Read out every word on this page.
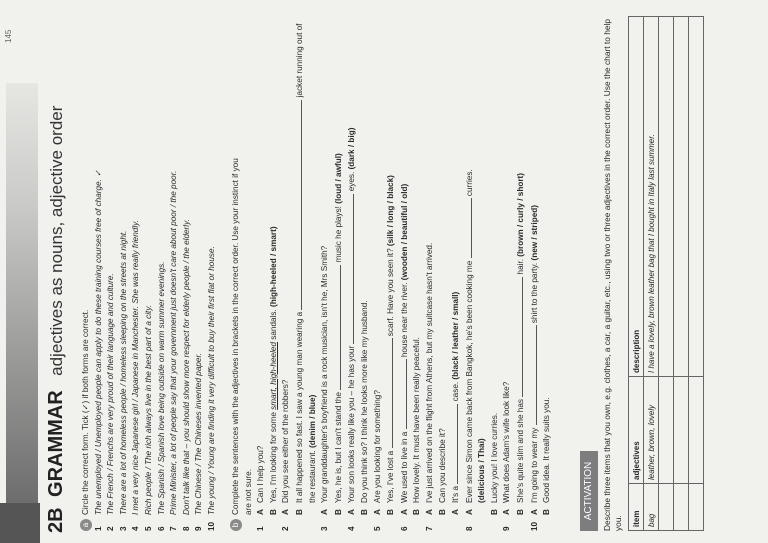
145
2B GRAMMAR adjectives as nouns, adjective order
aCircle the correct form. Tick (✓) if both forms are correct.
1The unemployed / Unemployed people can apply to do these training courses free of charge. ✓
2The French / Frenchs are very proud of their language and culture.
3There are a lot of homeless people / homeless sleeping on the streets at night.
4I met a very nice Japanese girl / Japanese in Manchester. She was really friendly.
5Rich people / The rich always live in the best part of a city.
6The Spanish / Spanish love being outside on warm summer evenings.
7Prime Minister, a lot of people say that your government just doesn't care about poor / the poor.
8Don't talk like that – you should show more respect for elderly people / the elderly.
9The Chinese / The Chineses invented paper.
10The young / Young are finding it very difficult to buy their first flat or house.
bComplete the sentences with the adjectives in brackets in the correct order. Use your instinct if you are not sure.
1ACan I help you?
BYes, I'm looking for some smart, high-heeled sandals. (high-heeled / smart)
2ADid you see either of the robbers?
BIt all happened so fast. I saw a young man wearing a  jacket running out of
the restaurant. (denim / blue)
3AYour granddaughter's boyfriend is a rock musician, isn't he, Mrs Smith?
BYes, he is, but I can't stand the  music he plays! (loud / awful)
4AYour son looks really like you – he has your  eyes. (dark / big)
BDo you think so? I think he looks more like my husband.
5AAre you looking for something?
BYes, I've lost a  scarf. Have you seen it? (silk / long / black)
6AWe used to live in a  house near the river. (wooden / beautiful / old)
BHow lovely. It must have been really peaceful.
7AI've just arrived on the flight from Athens, but my suitcase hasn't arrived.
BCan you describe it?
AIt's a  case. (black / leather / small)
8AEver since Simon came back from Bangkok, he's been cooking me  curries.
(delicious / Thai)
BLucky you! I love curries.
9AWhat does Adam's wife look like?
BShe's quite slim and she has  hair. (brown / curly / short)
10AI'm going to wear my  shirt to the party. (new / striped)
BGood idea. It really suits you.	ACTIVATION Describe three items that you own, e.g. clothes, a car, a guitar, etc., using two or three adjectives in the correct order. Use the chart to help you. item	adjectives	description
bag	leather, brown, lovely	I have a lovely, brown leather bag that I bought in Italy last summer.
